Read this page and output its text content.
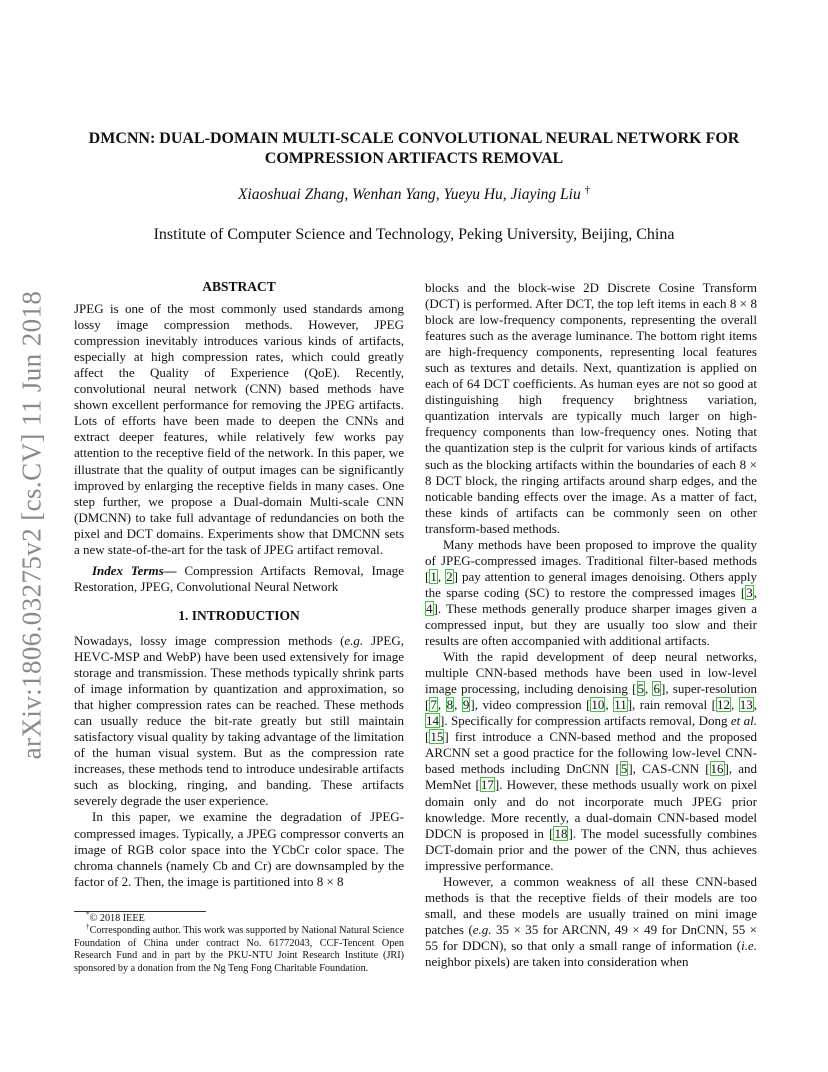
arXiv:1806.03275v2 [cs.CV] 11 Jun 2018
DMCNN: DUAL-DOMAIN MULTI-SCALE CONVOLUTIONAL NEURAL NETWORK FOR
COMPRESSION ARTIFACTS REMOVAL
Xiaoshuai Zhang, Wenhan Yang, Yueyu Hu, Jiaying Liu †
Institute of Computer Science and Technology, Peking University, Beijing, China
ABSTRACT

JPEG is one of the most commonly used standards among lossy image compression methods. However, JPEG compression inevitably introduces various kinds of artifacts, especially at high compression rates, which could greatly affect the Quality of Experience (QoE). Recently, convolutional neural network (CNN) based methods have shown excellent performance for removing the JPEG artifacts. Lots of efforts have been made to deepen the CNNs and extract deeper features, while relatively few works pay attention to the receptive field of the network. In this paper, we illustrate that the quality of output images can be significantly improved by enlarging the receptive fields in many cases. One step further, we propose a Dual-domain Multi-scale CNN (DMCNN) to take full advantage of redundancies on both the pixel and DCT domains. Experiments show that DMCNN sets a new state-of-the-art for the task of JPEG artifact removal.

Index Terms— Compression Artifacts Removal, Image Restoration, JPEG, Convolutional Neural Network

1. INTRODUCTION

Nowadays, lossy image compression methods (e.g. JPEG, HEVC-MSP and WebP) have been used extensively for image storage and transmission. These methods typically shrink parts of image information by quantization and approximation, so that higher compression rates can be reached. These methods can usually reduce the bit-rate greatly but still maintain satisfactory visual quality by taking advantage of the limitation of the human visual system. But as the compression rate increases, these methods tend to introduce undesirable artifacts such as blocking, ringing, and banding. These artifacts severely degrade the user experience.

In this paper, we examine the degradation of JPEG-compressed images. Typically, a JPEG compressor converts an image of RGB color space into the YCbCr color space. The chroma channels (namely Cb and Cr) are downsampled by the factor of 2. Then, the image is partitioned into 8 × 8

blocks and the block-wise 2D Discrete Cosine Transform (DCT) is performed. After DCT, the top left items in each 8 × 8 block are low-frequency components, representing the overall features such as the average luminance. The bottom right items are high-frequency components, representing local features such as textures and details. Next, quantization is applied on each of 64 DCT coefficients. As human eyes are not so good at distinguishing high frequency brightness variation, quantization intervals are typically much larger on high-frequency components than low-frequency ones. Noting that the quantization step is the culprit for various kinds of artifacts such as the blocking artifacts within the boundaries of each 8 × 8 DCT block, the ringing artifacts around sharp edges, and the noticable banding effects over the image. As a matter of fact, these kinds of artifacts can be commonly seen on other transform-based methods.

Many methods have been proposed to improve the quality of JPEG-compressed images. Traditional filter-based methods [1, 2] pay attention to general images denoising. Others apply the sparse coding (SC) to restore the compressed images [3, 4]. These methods generally produce sharper images given a compressed input, but they are usually too slow and their results are often accompanied with additional artifacts.

With the rapid development of deep neural networks, multiple CNN-based methods have been used in low-level image processing, including denoising [5, 6], super-resolution [7, 8, 9], video compression [10, 11], rain removal [12, 13, 14]. Specifically for compression artifacts removal, Dong et al. [15] first introduce a CNN-based method and the proposed ARCNN set a good practice for the following low-level CNN-based methods including DnCNN [5], CAS-CNN [16], and MemNet [17]. However, these methods usually work on pixel domain only and do not incorporate much JPEG prior knowledge. More recently, a dual-domain CNN-based model DDCN is proposed in [18]. The model sucessfully combines DCT-domain prior and the power of the CNN, thus achieves impressive performance.

However, a common weakness of all these CNN-based methods is that the receptive fields of their models are too small, and these models are usually trained on mini image patches (e.g. 35 × 35 for ARCNN, 49 × 49 for DnCNN, 55 × 55 for DDCN), so that only a small range of information (i.e. neighbor pixels) are taken into consideration when

*© 2018 IEEE

†Corresponding author. This work was supported by National Natural Science Foundation of China under contract No. 61772043, CCF-Tencent Open Research Fund and in part by the PKU-NTU Joint Research Institute (JRI) sponsored by a donation from the Ng Teng Fong Charitable Foundation.
